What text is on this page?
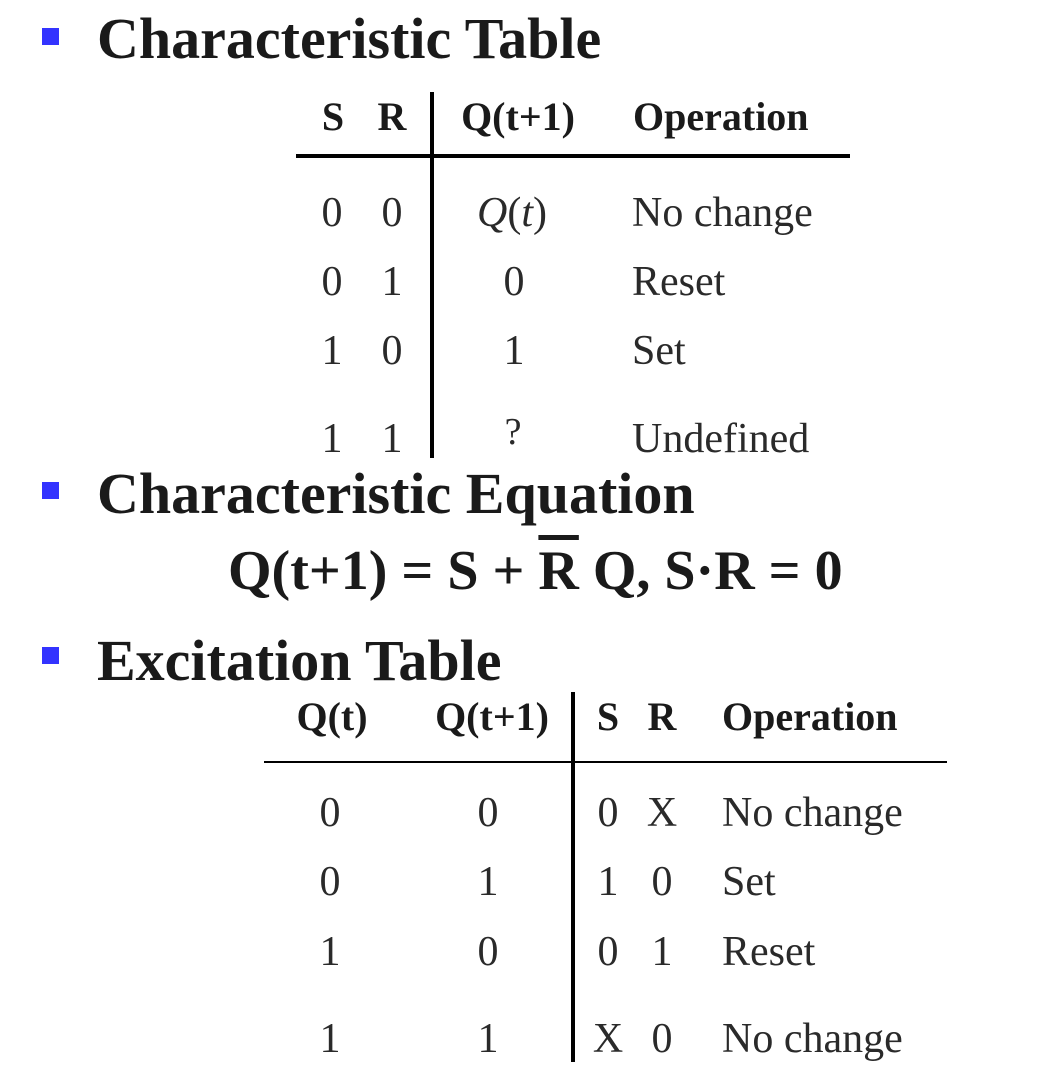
Characteristic Table
S R Q(t+1) Operation
0 0 Q(t) No change
0 1 0	Reset
1 0 1	Set
1 1	?	Undefined
Characteristic Equation
$Q(t+1) = S + \overline{R}$ Q, S·R = 0
Excitation Table
Q(t) Q(t+1) S R Operation
0	0 0 X No change
0	1 1 0 Set
1	0 0 1 Reset
1	1 X 0 No change
